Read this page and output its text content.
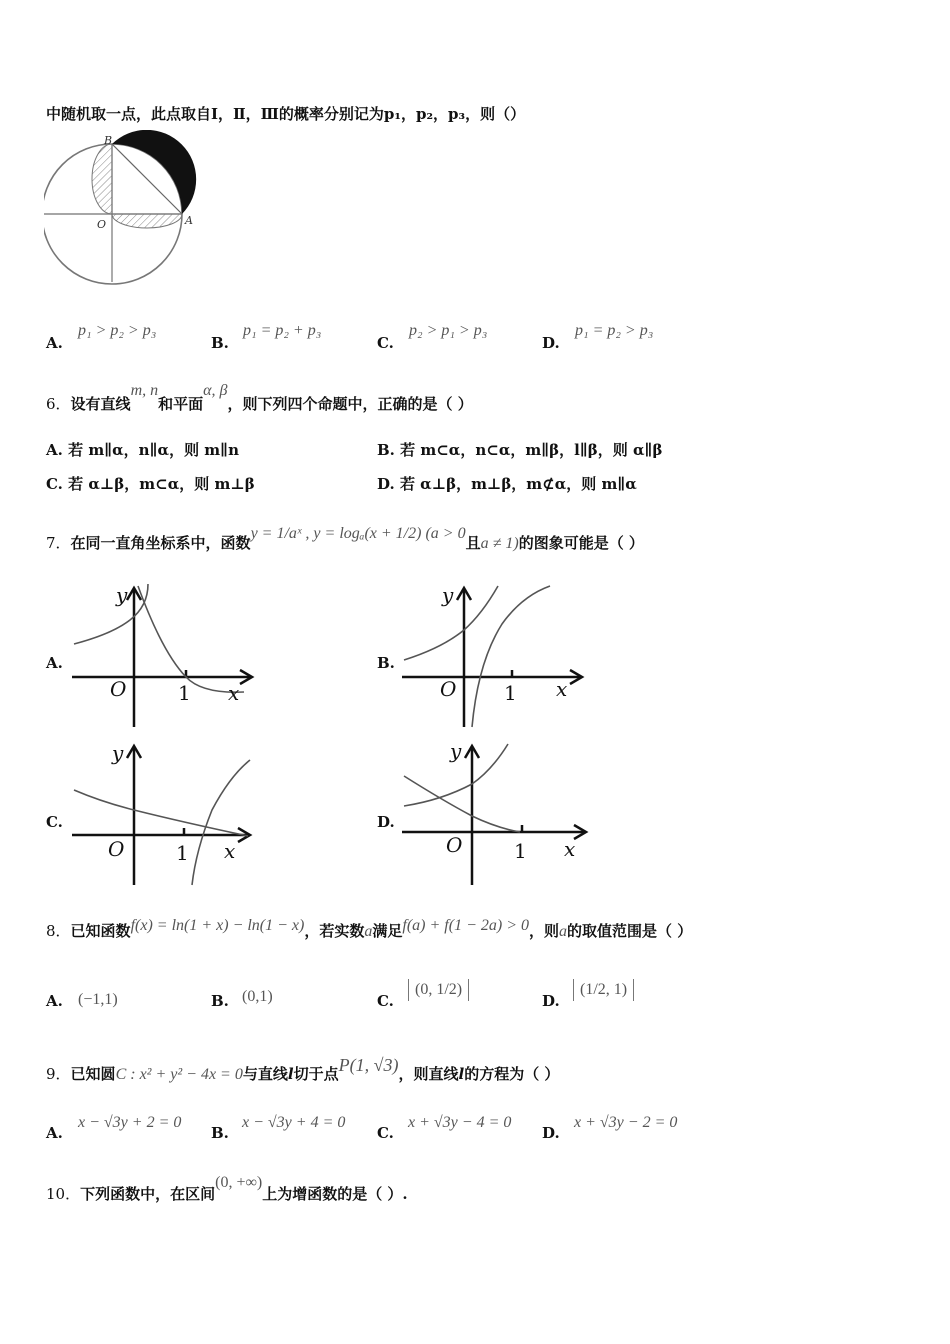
中随机取一点，此点取自Ⅰ，Ⅱ，Ⅲ的概率分别记为p₁，p₂，p₃，则（）
B
O	A
A.
p₁ > p₂ > p₃
B.
p₁ = p₂ + p₃
C.
p₂ > p₁ > p₃
D.
p₁ = p₂ > p₃
6．设有直线m, n和平面α, β，则下列四个命题中，正确的是（ ）
A. 若 m∥α，n∥α，则 m∥n	B. 若 m⊂α，n⊂α，m∥β，l∥β，则 α∥β
C. 若 α⊥β，m⊂α，则 m⊥β	D. 若 α⊥β，m⊥β，m⊄α，则 m∥α
7．在同一直角坐标系中，函数y = 1/aˣ , y = logₐ(x + 1/2) (a > 0且a ≠ 1)的图象可能是（ ）
A.
y
O	1 x
B.
y
O 1 x
C.
y
O	1 x
D.
y
O	1 x
8．已知函数f(x) = ln(1 + x) − ln(1 − x)，若实数a满足f(a) + f(1 − 2a) > 0，则a的取值范围是（ ）
A. (−1,1)	B. (0,1)	C.
(0, 1/2)
D.
(1/2, 1)
9．已知圆C : x² + y² − 4x = 0与直线l切于点P(1, √3)，则直线l的方程为（ ）
A.
x − √3y + 2 = 0
B.
x − √3y + 4 = 0
C.
x + √3y − 4 = 0
D.
x + √3y − 2 = 0
10．下列函数中，在区间(0, +∞)上为增函数的是（ ）.
